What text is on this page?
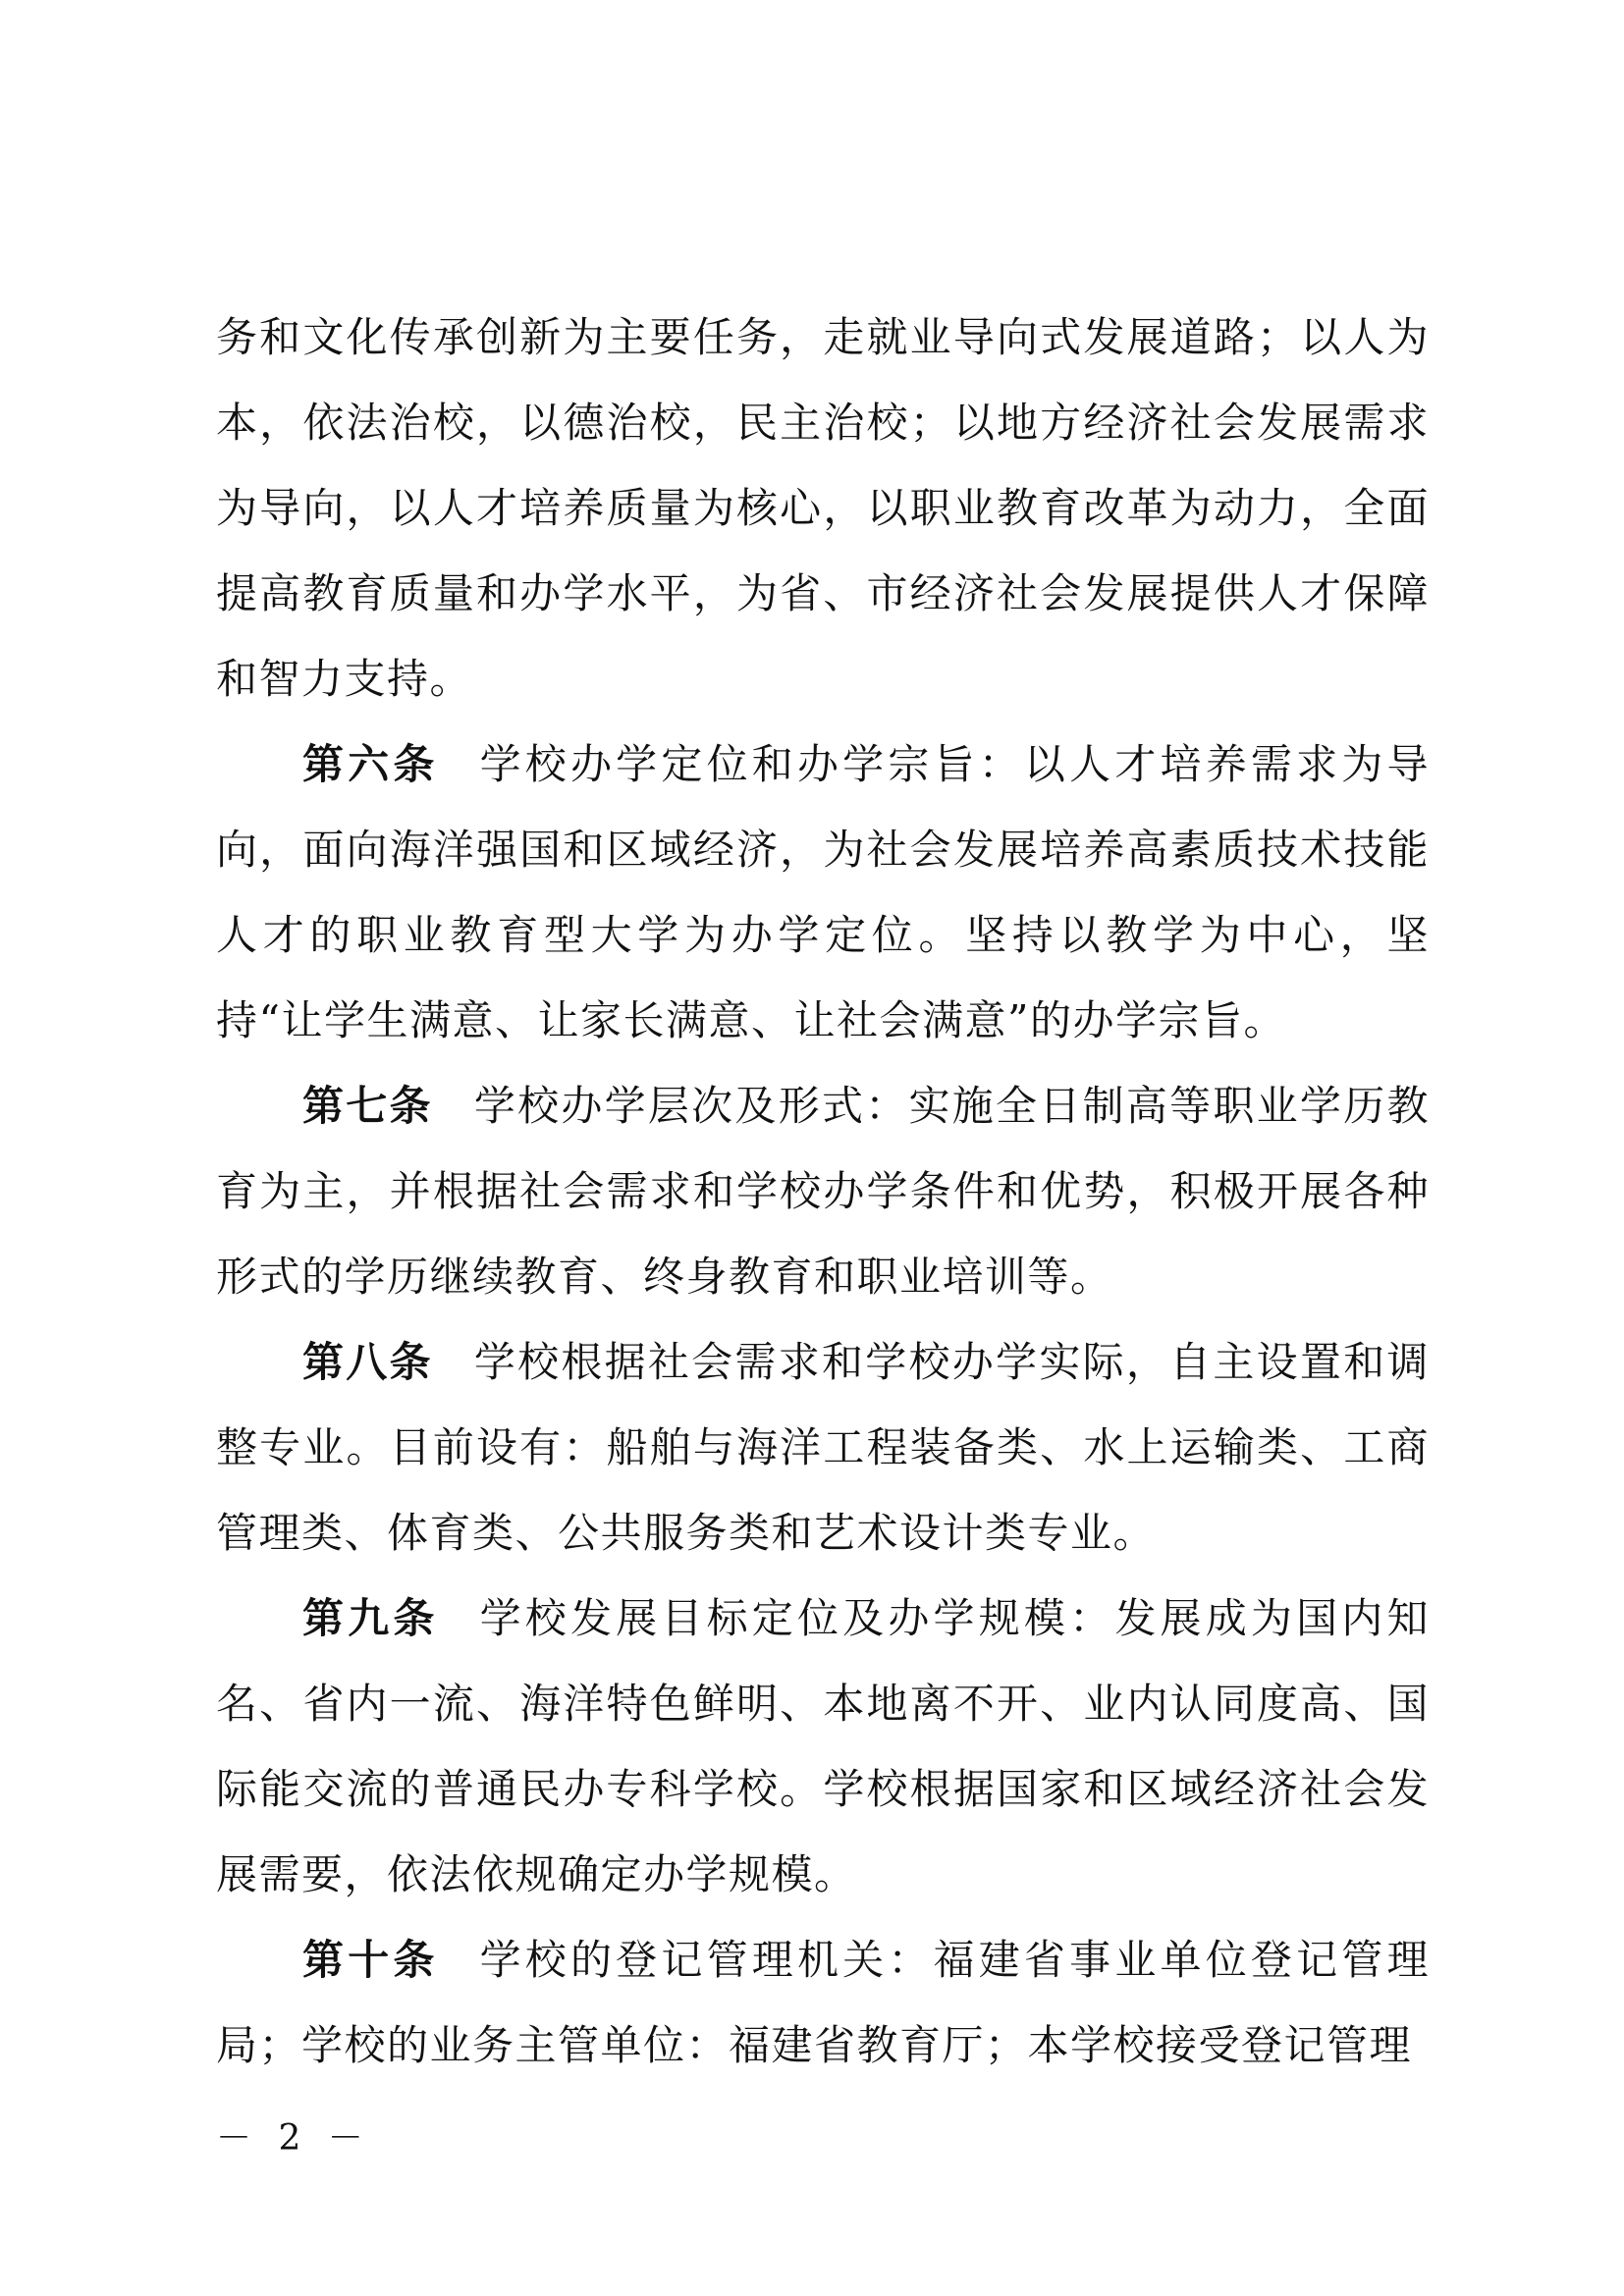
务和文化传承创新为主要任务，走就业导向式发展道路；以人为本，依法治校，以德治校，民主治校；以地方经济社会发展需求为导向，以人才培养质量为核心，以职业教育改革为动力，全面提高教育质量和办学水平，为省、市经济社会发展提供人才保障和智力支持。

第六条 学校办学定位和办学宗旨：以人才培养需求为导向，面向海洋强国和区域经济，为社会发展培养高素质技术技能人才的职业教育型大学为办学定位。坚持以教学为中心，坚持“让学生满意、让家长满意、让社会满意”的办学宗旨。

第七条 学校办学层次及形式：实施全日制高等职业学历教育为主，并根据社会需求和学校办学条件和优势，积极开展各种形式的学历继续教育、终身教育和职业培训等。

第八条 学校根据社会需求和学校办学实际，自主设置和调整专业。目前设有：船舶与海洋工程装备类、水上运输类、工商管理类、体育类、公共服务类和艺术设计类专业。

第九条 学校发展目标定位及办学规模：发展成为国内知名、省内一流、海洋特色鲜明、本地离不开、业内认同度高、国际能交流的普通民办专科学校。学校根据国家和区域经济社会发展需要，依法依规确定办学规模。

第十条 学校的登记管理机关：福建省事业单位登记管理局；学校的业务主管单位：福建省教育厅；本学校接受登记管理

－ 2 －
